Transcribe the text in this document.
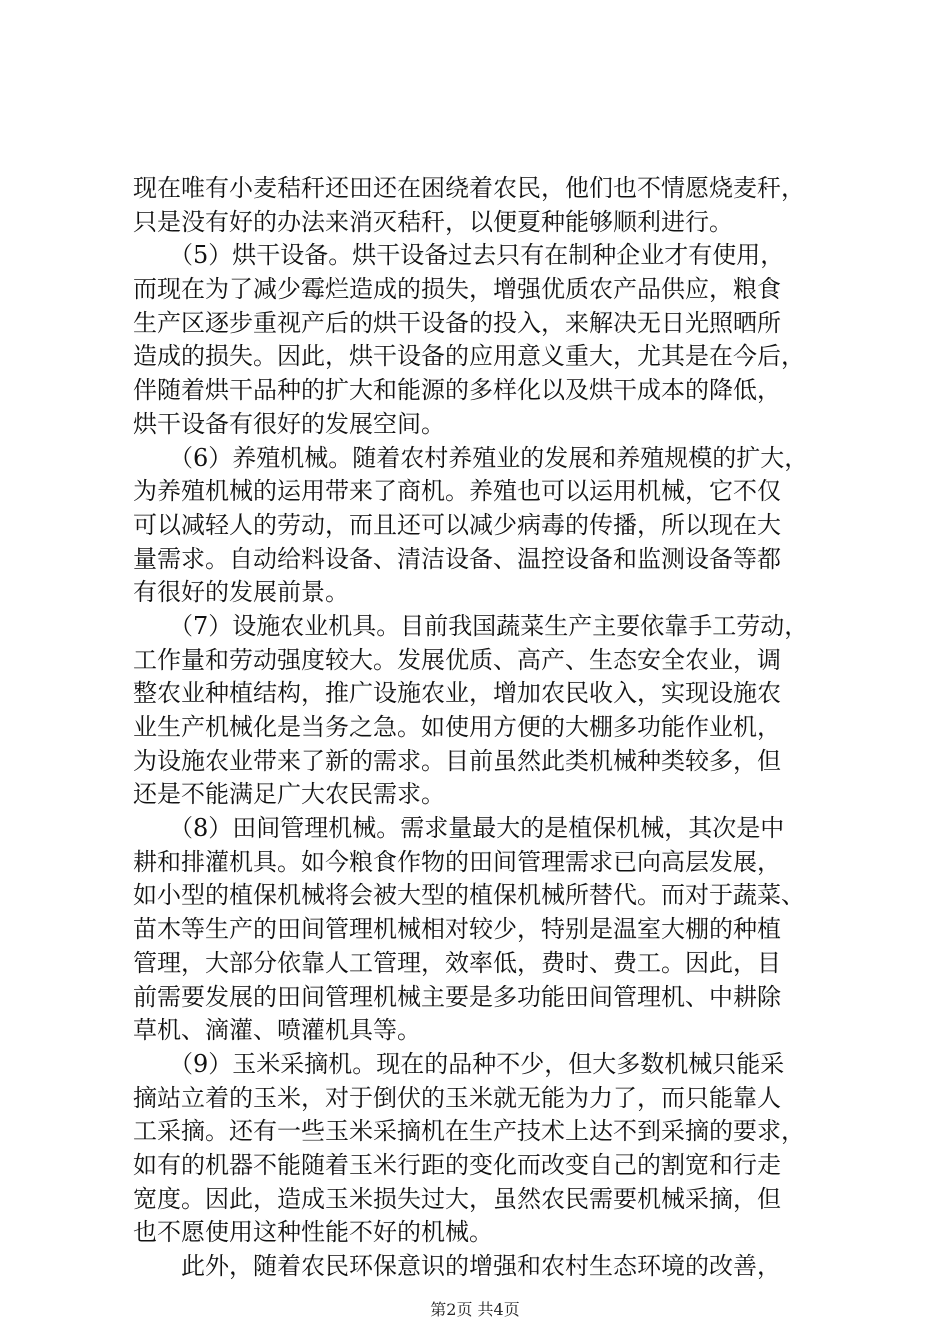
现在唯有小麦秸秆还田还在困绕着农民，他们也不情愿烧麦秆，
只是没有好的办法来消灭秸秆，以便夏种能够顺利进行。
　　（5）烘干设备。烘干设备过去只有在制种企业才有使用，
而现在为了减少霉烂造成的损失，增强优质农产品供应，粮食
生产区逐步重视产后的烘干设备的投入，来解决无日光照晒所
造成的损失。因此，烘干设备的应用意义重大，尤其是在今后，
伴随着烘干品种的扩大和能源的多样化以及烘干成本的降低，
烘干设备有很好的发展空间。
　　（6）养殖机械。随着农村养殖业的发展和养殖规模的扩大，
为养殖机械的运用带来了商机。养殖也可以运用机械，它不仅
可以减轻人的劳动，而且还可以减少病毒的传播，所以现在大
量需求。自动给料设备、清洁设备、温控设备和监测设备等都
有很好的发展前景。
　　（7）设施农业机具。目前我国蔬菜生产主要依靠手工劳动，
工作量和劳动强度较大。发展优质、高产、生态安全农业，调
整农业种植结构，推广设施农业，增加农民收入，实现设施农
业生产机械化是当务之急。如使用方便的大棚多功能作业机，
为设施农业带来了新的需求。目前虽然此类机械种类较多，但
还是不能满足广大农民需求。
　　（8）田间管理机械。需求量最大的是植保机械，其次是中
耕和排灌机具。如今粮食作物的田间管理需求已向高层发展，
如小型的植保机械将会被大型的植保机械所替代。而对于蔬菜、
苗木等生产的田间管理机械相对较少，特别是温室大棚的种植
管理，大部分依靠人工管理，效率低，费时、费工。因此，目
前需要发展的田间管理机械主要是多功能田间管理机、中耕除
草机、滴灌、喷灌机具等。
　　（9）玉米采摘机。现在的品种不少，但大多数机械只能采
摘站立着的玉米，对于倒伏的玉米就无能为力了，而只能靠人
工采摘。还有一些玉米采摘机在生产技术上达不到采摘的要求，
如有的机器不能随着玉米行距的变化而改变自己的割宽和行走
宽度。因此，造成玉米损失过大，虽然农民需要机械采摘，但
也不愿使用这种性能不好的机械。
　　此外，随着农民环保意识的增强和农村生态环境的改善，
第2页 共4页
